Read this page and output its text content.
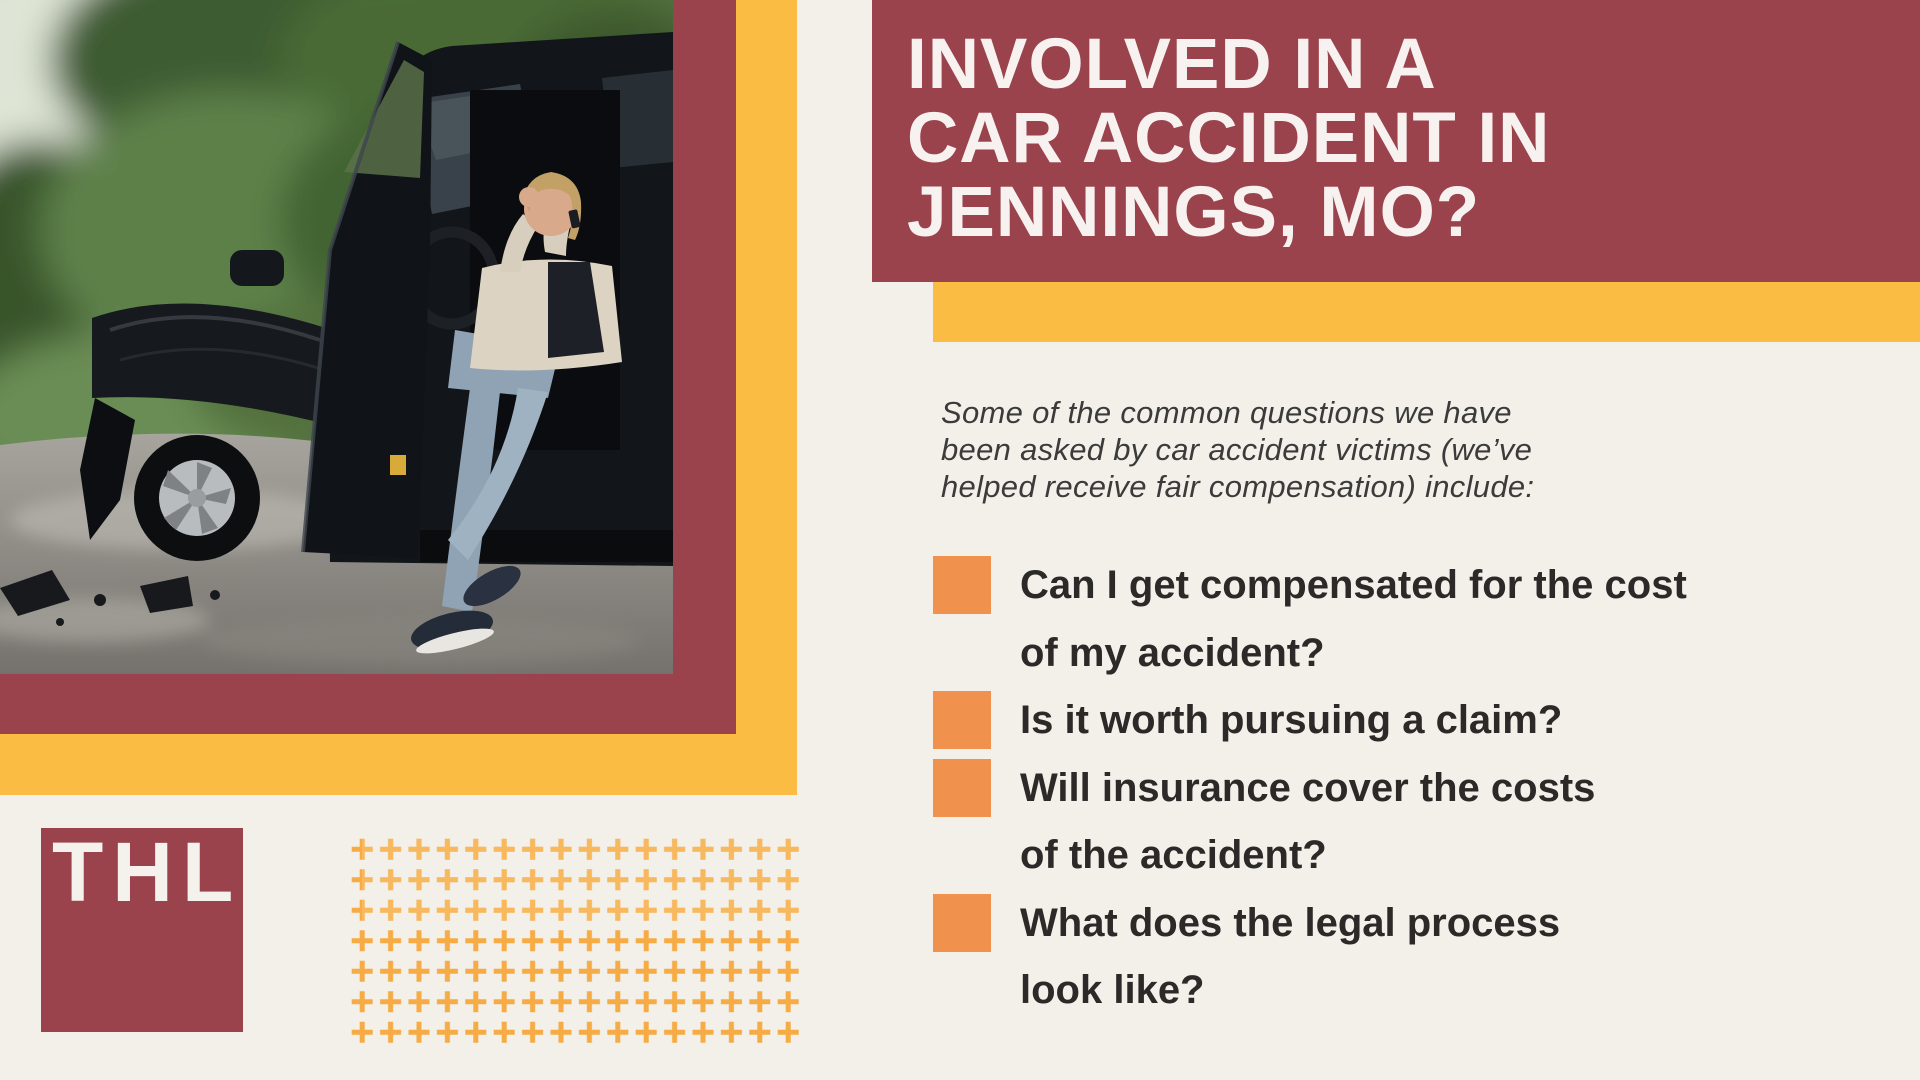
INVOLVED IN A
CAR ACCIDENT IN
JENNINGS, MO?
Some of the common questions we have
been asked by car accident victims (we’ve
helped receive fair compensation) include:
Can I get compensated for the cost
of my accident?
Is it worth pursuing a claim?
Will insurance cover the costs
of the accident?
What does the legal process
look like?
THL
